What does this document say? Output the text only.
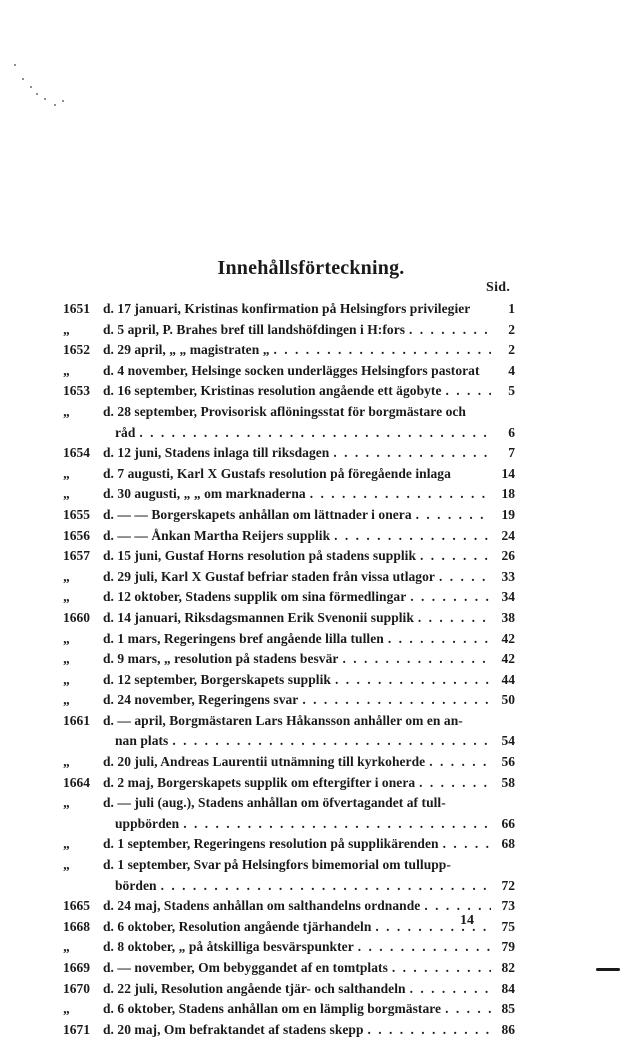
Innehållsförteckning.
Sid.
1651 d. 17 januari, Kristinas konfirmation på Helsingfors privilegier	1
„	d. 5 april, P. Brahes bref till landshöfdingen i H:fors . . .	2
1652 d. 29 april, „ „ magistraten „ . . .	2
„	d. 4 november, Helsinge socken underlägges Helsingfors pastorat	4
1653 d. 16 september, Kristinas resolution angående ett ägobyte . . .	5
„	d. 28 september, Provisorisk aflöningsstat för borgmästare och
råd . . .	6
1654 d. 12 juni, Stadens inlaga till riksdagen . . .	7
„	d. 7 augusti, Karl X Gustafs resolution på föregående inlaga	14
„	d. 30 augusti, „ „ om marknaderna . . .	18
1655 d. — — Borgerskapets anhållan om lättnader i onera . . .	19
1656 d. — — Ånkan Martha Reijers supplik . . .	24
1657 d. 15 juni, Gustaf Horns resolution på stadens supplik . . .	26
„	d. 29 juli, Karl X Gustaf befriar staden från vissa utlagor . . .	33
„	d. 12 oktober, Stadens supplik om sina förmedlingar . . .	34
1660 d. 14 januari, Riksdagsmannen Erik Svenonii supplik . . .	38
„	d. 1 mars, Regeringens bref angående lilla tullen . . .	42
„	d. 9 mars, „ resolution på stadens besvär . . .	42
„	d. 12 september, Borgerskapets supplik . . .	44
„	d. 24 november, Regeringens svar . . .	50
1661 d. — april, Borgmästaren Lars Håkansson anhåller om en an-
nan plats . . .	54
„	d. 20 juli, Andreas Laurentii utnämning till kyrkoherde . . .	56
1664 d. 2 maj, Borgerskapets supplik om eftergifter i onera . . .	58
„	d. — juli (aug.), Stadens anhållan om öfvertagandet af tull-
uppbörden . . .	66
„	d. 1 september, Regeringens resolution på supplikärenden . . .	68
„	d. 1 september, Svar på Helsingfors bimemorial om tullupp-
börden . . .	72
1665 d. 24 maj, Stadens anhållan om salthandelns ordnande . . .	73
1668 d. 6 oktober, Resolution angående tjärhandeln . . .	75
„	d. 8 oktober, „ på åtskilliga besvärspunkter . . .	79
1669 d. — november, Om bebyggandet af en tomtplats . . .	82
1670 d. 22 juli, Resolution angående tjär- och salthandeln . . .	84
„	d. 6 oktober, Stadens anhållan om en lämplig borgmästare . . .	85
1671 d. 20 maj, Om befraktandet af stadens skepp . . .	86
14
